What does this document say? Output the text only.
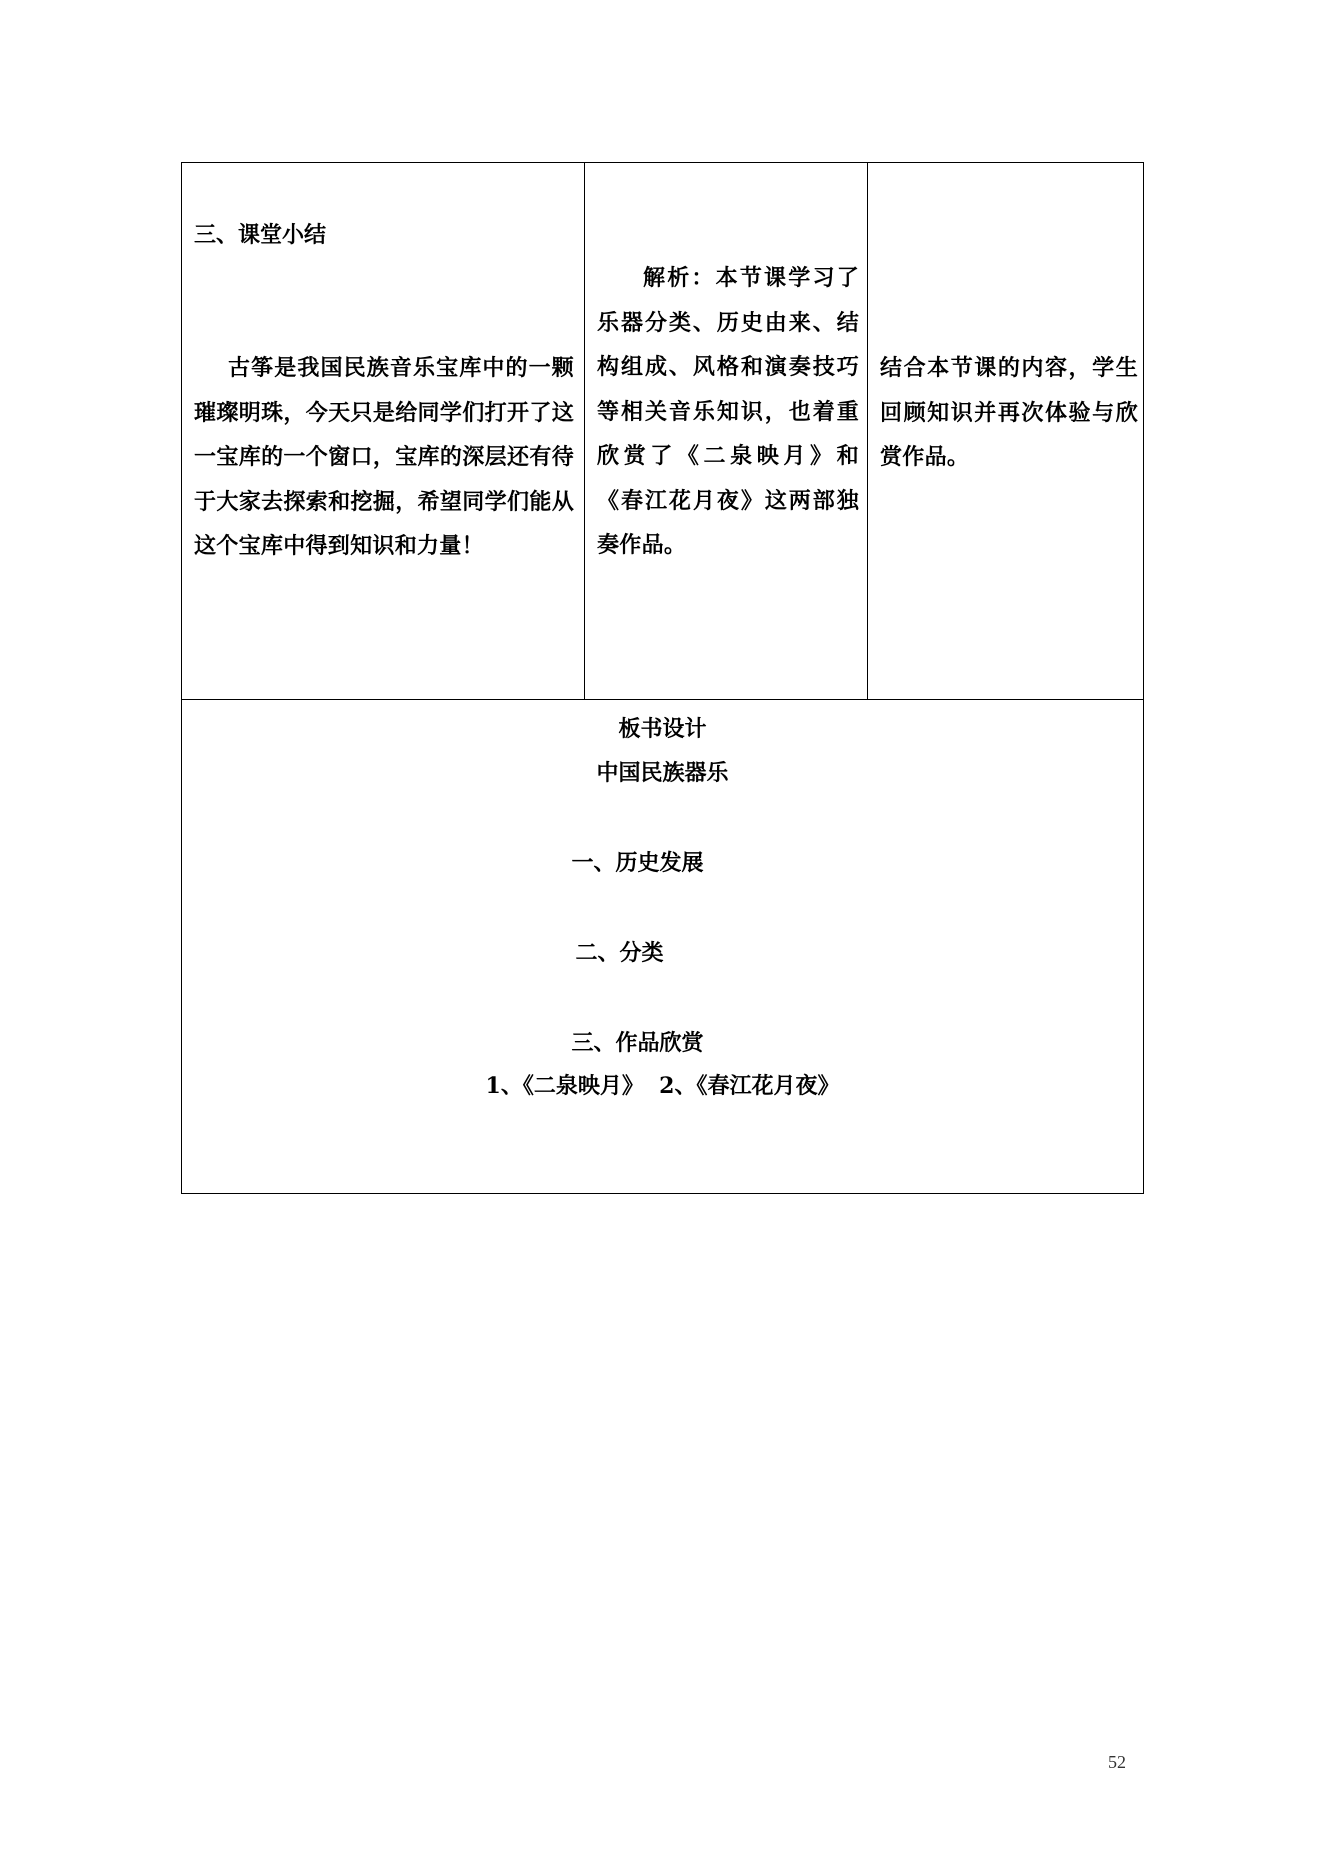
三、课堂小结
古筝是我国民族音乐宝库中的一颗璀璨明珠，今天只是给同学们打开了这一宝库的一个窗口，宝库的深层还有待于大家去探索和挖掘，希望同学们能从这个宝库中得到知识和力量！
解析：本节课学习了乐器分类、历史由来、结构组成、风格和演奏技巧等相关音乐知识，也着重欣赏了《二泉映月》和《春江花月夜》这两部独奏作品。
结合本节课的内容，学生回顾知识并再次体验与欣赏作品。
板书设计
中国民族器乐
一、历史发展
二、分类
三、作品欣赏
1、《二泉映月》  2、《春江花月夜》
52
